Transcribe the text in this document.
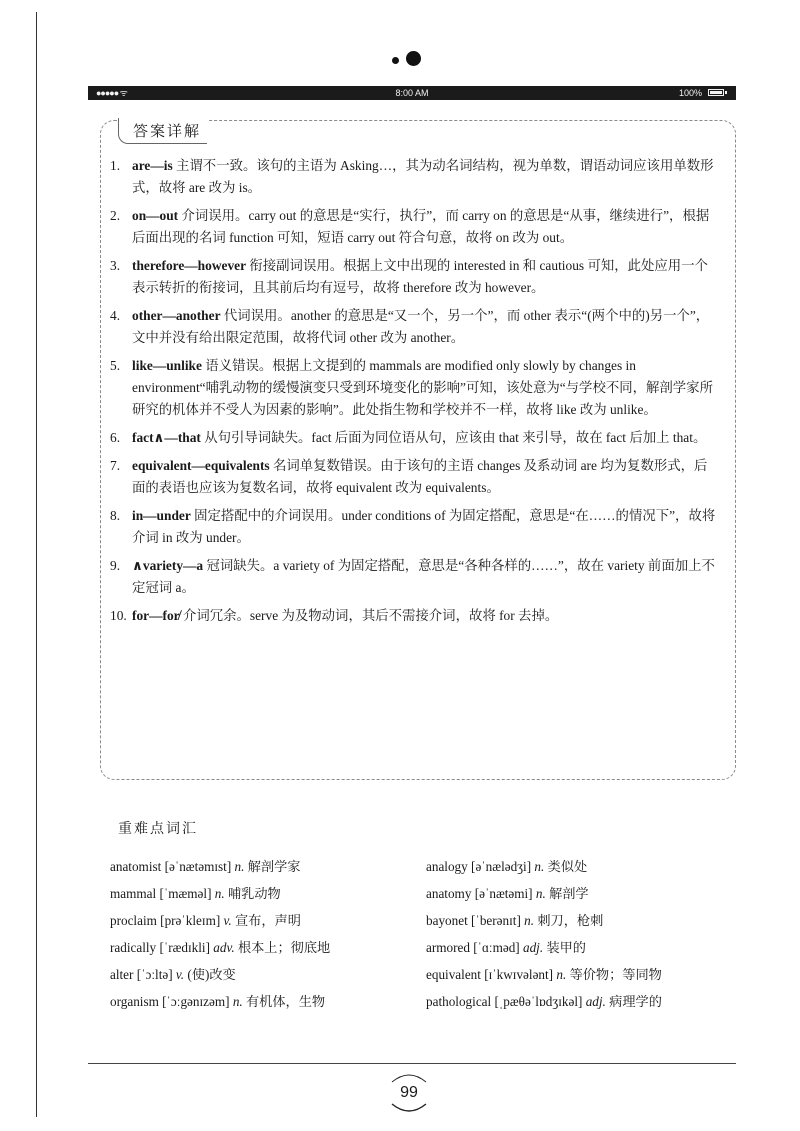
●●●●● ᯤ	8:00 AM	100%
答案详解
1. are—is 主谓不一致。该句的主语为 Asking…，其为动名词结构，视为单数，谓语动词应该用单数形式，故将 are 改为 is。
2. on—out 介词误用。carry out 的意思是“实行，执行”，而 carry on 的意思是“从事，继续进行”，根据后面出现的名词 function 可知，短语 carry out 符合句意，故将 on 改为 out。
3. therefore—however 衔接副词误用。根据上文中出现的 interested in 和 cautious 可知，此处应用一个表示转折的衔接词，且其前后均有逗号，故将 therefore 改为 however。
4. other—another 代词误用。another 的意思是“又一个，另一个”，而 other 表示“(两个中的)另一个”，文中并没有给出限定范围，故将代词 other 改为 another。
5. like—unlike 语义错误。根据上文提到的 mammals are modified only slowly by changes in environment“哺乳动物的缓慢演变只受到环境变化的影响”可知，该处意为“与学校不同，解剖学家所研究的机体并不受人为因素的影响”。此处指生物和学校并不一样，故将 like 改为 unlike。
6. fact∧—that 从句引导词缺失。fact 后面为同位语从句，应该由 that 来引导，故在 fact 后加上 that。
7. equivalent—equivalents 名词单复数错误。由于该句的主语 changes 及系动词 are 均为复数形式，后面的表语也应该为复数名词，故将 equivalent 改为 equivalents。
8. in—under 固定搭配中的介词误用。under conditions of 为固定搭配，意思是“在……的情况下”，故将介词 in 改为 under。
9. ∧variety—a 冠词缺失。a variety of 为固定搭配，意思是“各种各样的……”，故在 variety 前面加上不定冠词 a。
10. for—for̸ 介词冗余。serve 为及物动词，其后不需接介词，故将 for 去掉。
重难点词汇
anatomist [əˈnætəmɪst] n. 解剖学家	analogy [əˈnælədʒi] n. 类似处
mammal [ˈmæməl] n. 哺乳动物	anatomy [əˈnætəmi] n. 解剖学
proclaim [prəˈkleɪm] v. 宣布，声明	bayonet [ˈberənɪt] n. 刺刀，枪刺
radically [ˈrædɪkli] adv. 根本上；彻底地	armored [ˈɑːməd] adj. 装甲的
alter [ˈɔːltə] v. (使)改变	equivalent [ɪˈkwɪvələnt] n. 等价物；等同物
organism [ˈɔːgənɪzəm] n. 有机体，生物	pathological [ˌpæθəˈlɒdʒɪkəl] adj. 病理学的
99
